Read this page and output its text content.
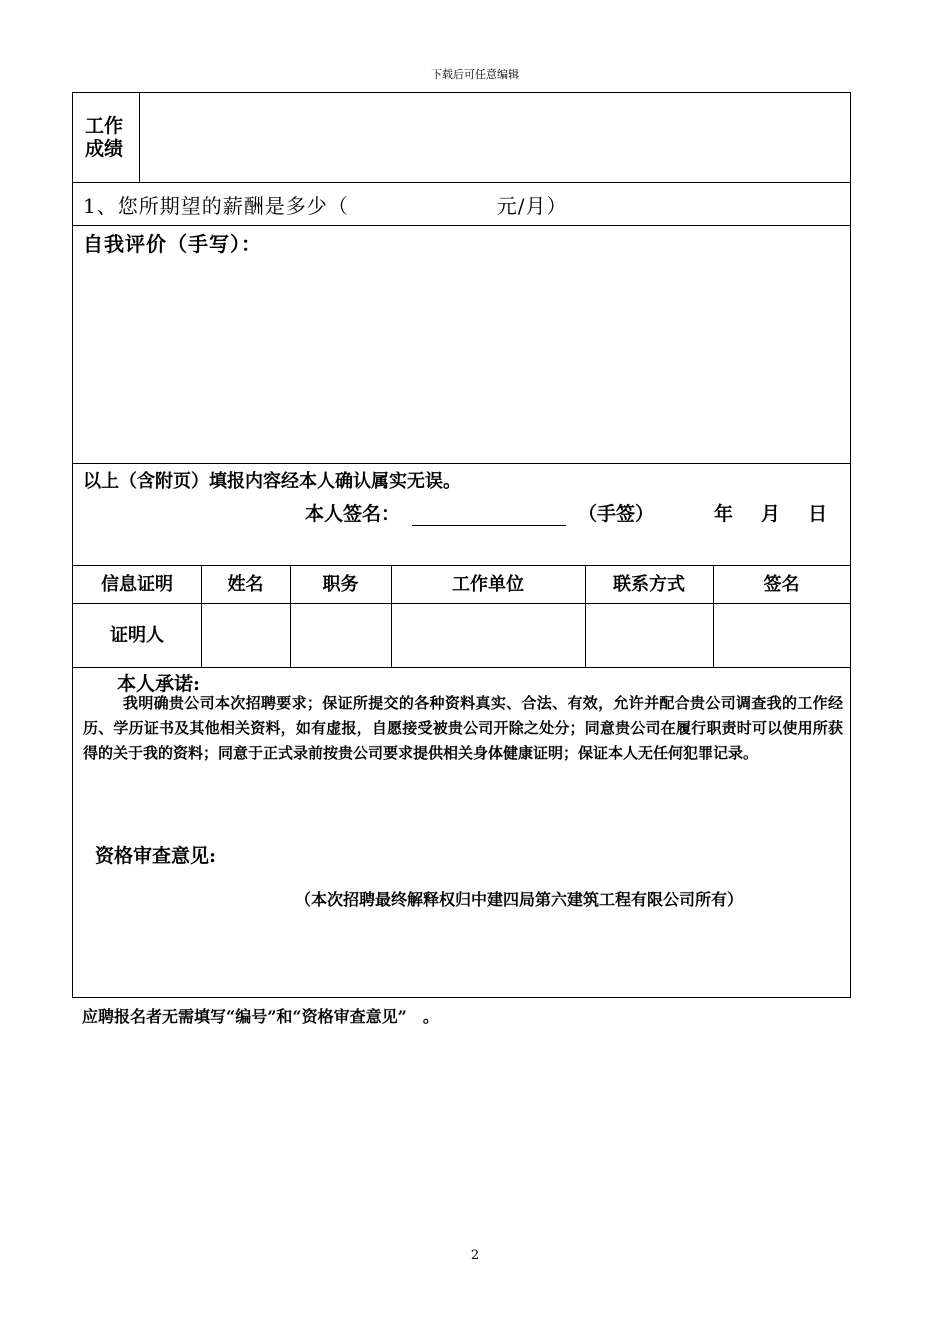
下载后可任意编辑
工作
成绩
1、您所期望的薪酬是多少（	元/月）
自我评价（手写）：
以上（含附页）填报内容经本人确认属实无误。
本人签名：	（手签）	年 月 日
信息证明	姓名	职务	工作单位	联系方式	签名
证明人
本人承诺:
我明确贵公司本次招聘要求；保证所提交的各种资料真实、合法、有效，允许并配合贵公司调查我的工作经历、学历证书及其他相关资料，如有虚报，自愿接受被贵公司开除之处分；同意贵公司在履行职责时可以使用所获得的关于我的资料；同意于正式录前按贵公司要求提供相关身体健康证明；保证本人无任何犯罪记录。
资格审查意见:
（本次招聘最终解释权归中建四局第六建筑工程有限公司所有）
应聘报名者无需填写“编号”和“资格审查意见”　。
2
